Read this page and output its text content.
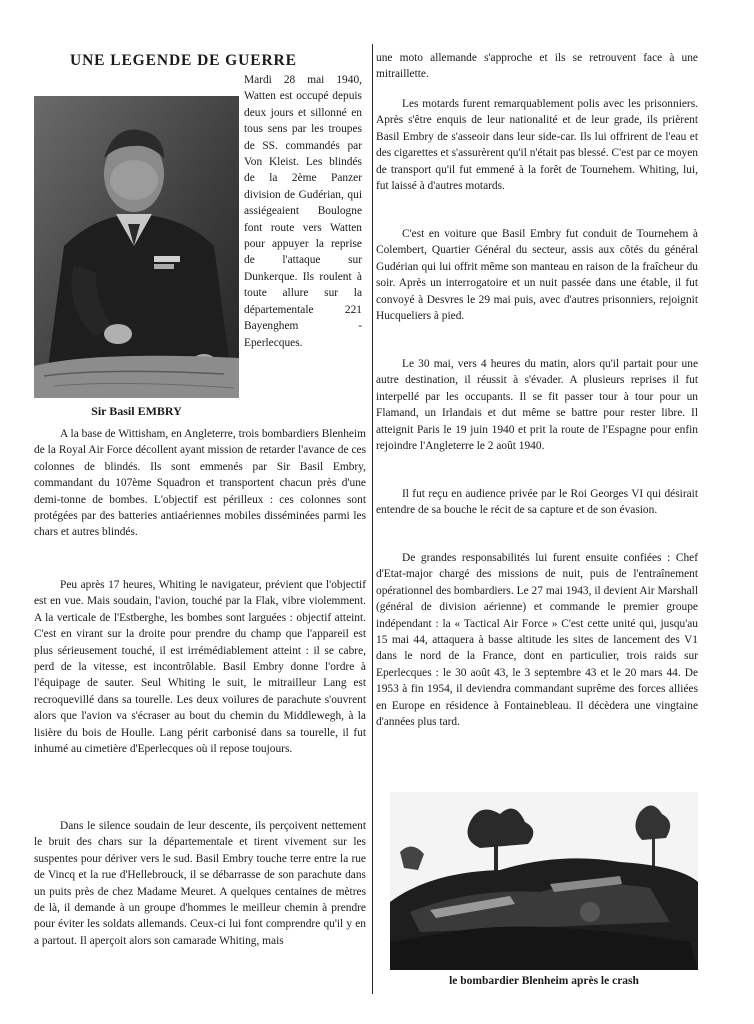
UNE LEGENDE DE GUERRE

Sir Basil EMBRY

Mardi 28 mai 1940, Watten est occupé depuis deux jours et sillonné en tous sens par les troupes de SS. commandés par Von Kleist. Les blindés de la 2ème Panzer division de Gudérian, qui assiégeaient Boulogne font route vers Watten pour appuyer la reprise de l'attaque sur Dunkerque. Ils roulent à toute allure sur la départementale 221 Bayenghem - Eperlecques.

A la base de Wittisham, en Angleterre, trois bombardiers Blenheim de la Royal Air Force décollent ayant mission de retarder l'avance de ces colonnes de blindés. Ils sont emmenés par Sir Basil Embry, commandant du 107ème Squadron et transportent chacun près d'une demi-tonne de bombes. L'objectif est périlleux : ces colonnes sont protégées par des batteries antiaériennes mobiles disséminées parmi les chars et autres blindés.

Peu après 17 heures, Whiting le navigateur, prévient que l'objectif est en vue. Mais soudain, l'avion, touché par la Flak, vibre violemment. A la verticale de l'Estberghe, les bombes sont larguées : objectif atteint. C'est en virant sur la droite pour prendre du champ que l'appareil est plus sérieusement touché, il est irrémédiablement atteint : il se cabre, perd de la vitesse, est incontrôlable. Basil Embry donne l'ordre à l'équipage de sauter. Seul Whiting le suit, le mitrailleur Lang est recroquevillé dans sa tourelle. Les deux voilures de parachute s'ouvrent alors que l'avion va s'écraser au bout du chemin du Middlewegh, à la lisière du bois de Houlle. Lang périt carbonisé dans sa tourelle, il fut inhumé au cimetière d'Eperlecques où il repose toujours.

Dans le silence soudain de leur descente, ils perçoivent nettement le bruit des chars sur la départementale et tirent vivement sur les suspentes pour dériver vers le sud. Basil Embry touche terre entre la rue de Vincq et la rue d'Hellebrouck, il se débarrasse de son parachute dans un puits près de chez Madame Meuret. A quelques centaines de mètres de là, il demande à un groupe d'hommes le meilleur chemin à prendre pour éviter les soldats allemands. Ceux-ci lui font comprendre qu'il y en a partout. Il aperçoit alors son camarade Whiting, mais

une moto allemande s'approche et ils se retrouvent face à une mitraillette.

Les motards furent remarquablement polis avec les prisonniers. Après s'être enquis de leur nationalité et de leur grade, ils prièrent Basil Embry de s'asseoir dans leur side-car. Ils lui offrirent de l'eau et des cigarettes et s'assurèrent qu'il n'était pas blessé. C'est par ce moyen de transport qu'il fut emmené à la forêt de Tournehem. Whiting, lui, fut laissé à d'autres motards.

C'est en voiture que Basil Embry fut conduit de Tournehem à Colembert, Quartier Général du secteur, assis aux côtés du général Gudérian qui lui offrit même son manteau en raison de la fraîcheur du soir. Après un interrogatoire et un nuit passée dans une étable, il fut convoyé à Desvres le 29 mai puis, avec d'autres prisonniers, rejoignit Hucqueliers à pied.

Le 30 mai, vers 4 heures du matin, alors qu'il partait pour une autre destination, il réussit à s'évader. A plusieurs reprises il fut interpellé par les occupants. Il se fit passer tour à tour pour un Flamand, un Irlandais et dut même se battre pour rester libre. Il atteignit Paris le 19 juin 1940 et prit la route de l'Espagne pour enfin rejoindre l'Angleterre le 2 août 1940.

Il fut reçu en audience privée par le Roi Georges VI qui désirait entendre de sa bouche le récit de sa capture et de son évasion.

De grandes responsabilités lui furent ensuite confiées : Chef d'Etat-major chargé des missions de nuit, puis de l'entraînement opérationnel des bombardiers. Le 27 mai 1943, il devient Air Marshall (général de division aérienne) et commande le premier groupe indépendant : la « Tactical Air Force » C'est cette unité qui, jusqu'au 15 mai 44, attaquera à basse altitude les sites de lancement des V1 dans le nord de la France, dont en particulier, trois raids sur Eperlecques : le 30 août 43, le 3 septembre 43 et le 20 mars 44. De 1953 à fin 1954, il deviendra commandant suprême des forces alliées en Europe en résidence à Fontainebleau. Il décèdera une vingtaine d'années plus tard.

le bombardier Blenheim après le crash
